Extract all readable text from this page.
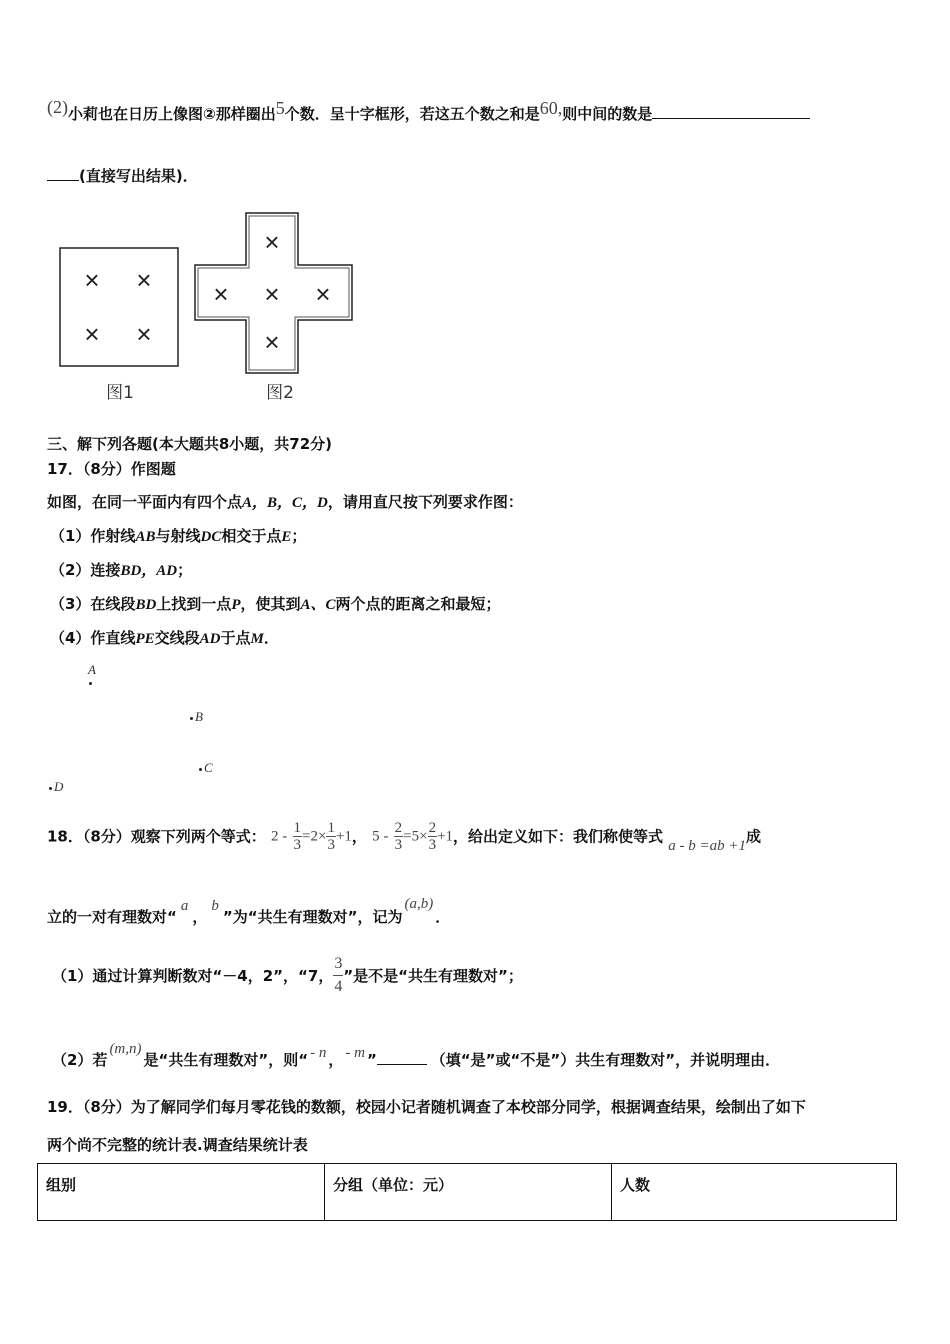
(2)小莉也在日历上像图②那样圈出5个数．呈十字框形，若这五个数之和是60,则中间的数是
(直接写出结果)．
× ×
× ×
图1
×
× × ×
×
图2
三、解下列各题(本大题共8小题，共72分)
17．（8分）作图题
如图，在同一平面内有四个点A，B，C，D，请用直尺按下列要求作图：
（1）作射线AB与射线DC相交于点E；
（2）连接BD，AD；
（3）在线段BD上找到一点P，使其到A、C两个点的距离之和最短；
（4）作直线PE交线段AD于点M．
A

B
C
D
18．（8分）观察下列两个等式： $2 - \frac{1}{3} =2\times \frac{1}{3} +1$， $5 - \frac{2}{3} =5\times \frac{2}{3} +1$，给出定义如下：我们称使等式 a - b =ab +1成
立的一对有理数对“a，b”为“共生有理数对”，记为(a,b)．
（1）通过计算判断数对“－4，2”，“7， $\frac{3}{4}$ ”是不是“共生有理数对”；
（2）若(m,n)是“共生有理数对”，则“ - n ， - m ”	（填“是”或“不是”）共生有理数对”，并说明理由．
19．（8分）为了解同学们每月零花钱的数额，校园小记者随机调查了本校部分同学，根据调查结果，绘制出了如下
两个尚不完整的统计表.调查结果统计表
组别	分组（单位：元）	人数
